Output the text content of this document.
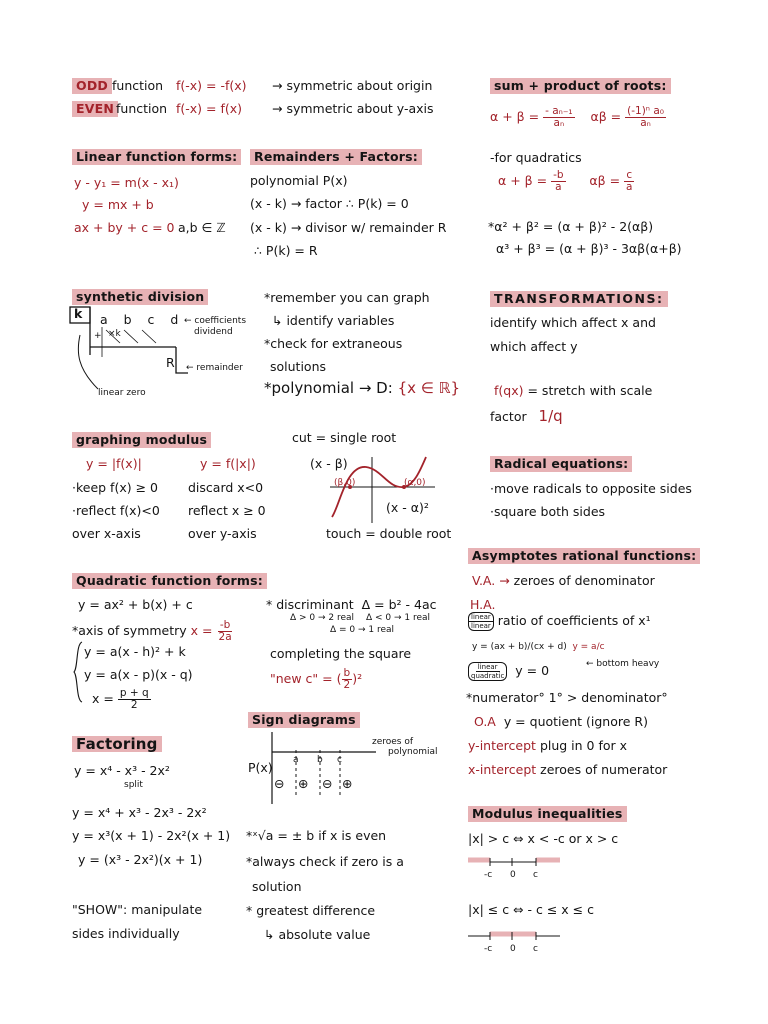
ODD function f(-x) = -f(x) → symmetric about origin
EVEN function f(-x) = f(x) → symmetric about y-axis
sum + product of roots:
$\alpha + \beta = \frac{\text{- aₙ₋₁}}{\text{aₙ}}$ $\alpha\beta = \frac{\text{(-1)ⁿ a₀}}{\text{aₙ}}$
-for quadratics
$\alpha + \beta = \frac{-b}{a}$ $\alpha\beta = \frac{c}{a}$
*α² + β² = (α + β)² - 2(αβ)
α³ + β³ = (α + β)³ - 3αβ(α+β)
Linear function forms:
y - y₁ = m(x - x₁)
y = mx + b
ax + by + c = 0 a,b ∈ ℤ
Remainders + Factors:
polynomial P(x)
(x - k) → factor ∴ P(k) = 0
(x - k) → divisor w/ remainder R
∴ P(k) = R
synthetic division
k a b c d ← coefficients
dividend
+ ×k
R ← remainder
linear zero
*remember you can graph
↳ identify variables
*check for extraneous
solutions
*polynomial → D: {x ∈ ℝ}
TRANSFORMATIONS:
identify which affect x and
which affect y
f(qx) = stretch with scale
factor 1/q
graphing modulus
y = |f(x)|	y = f(|x|)
·keep f(x) ≥ 0
·reflect f(x)<0
over x-axis
discard x<0
reflect x ≥ 0
over y-axis
cut = single root
(x - β)
(β,0)	(α,0)
(x - α)²
touch = double root
Radical equations:
·move radicals to opposite sides
·square both sides
Quadratic function forms:
y = ax² + b(x) + c
*axis of symmetry $x = \frac{-b}{2a}$
y = a(x - h)² + k
y = a(x - p)(x - q)
$x = \frac{p + q}{2}$
* discriminant Δ = b² - 4ac
Δ > 0 → 2 real Δ < 0 → 1 real
Δ = 0 → 1 real
completing the square
"new c" = ( $\frac{b}{2} )^2$
Asymptotes rational functions:
V.A. → zeroes of denominator
H.A.
$\frac{\text{linear}}{\text{linear}}$ ratio of coefficients of x¹
y = (ax + b)/(cx + d) y = a/c
$\frac{\text{linear}}{\text{quadratic}}$ y = 0	← bottom heavy
*numerator° 1° > denominator°
O.A y = quotient (ignore R)
y-intercept plug in 0 for x
x-intercept zeroes of numerator
Sign diagrams
P(x) a b c
zeroes of
polynomial
⊖ ⊕ ⊖ ⊕
Factoring
y = x⁴ - x³ - 2x²
split
y = x⁴ + x³ - 2x³ - 2x²
y = x³(x + 1) - 2x²(x + 1)
y = (x³ - 2x²)(x + 1)
"SHOW": manipulate
sides individually
*ˣ√a = ± b if x is even
*always check if zero is a
solution
* greatest difference
↳ absolute value
Modulus inequalities
|x| > c ⇔ x < -c or x > c
-c 0 c
|x| ≤ c ⇔ - c ≤ x ≤ c
-c 0 c
